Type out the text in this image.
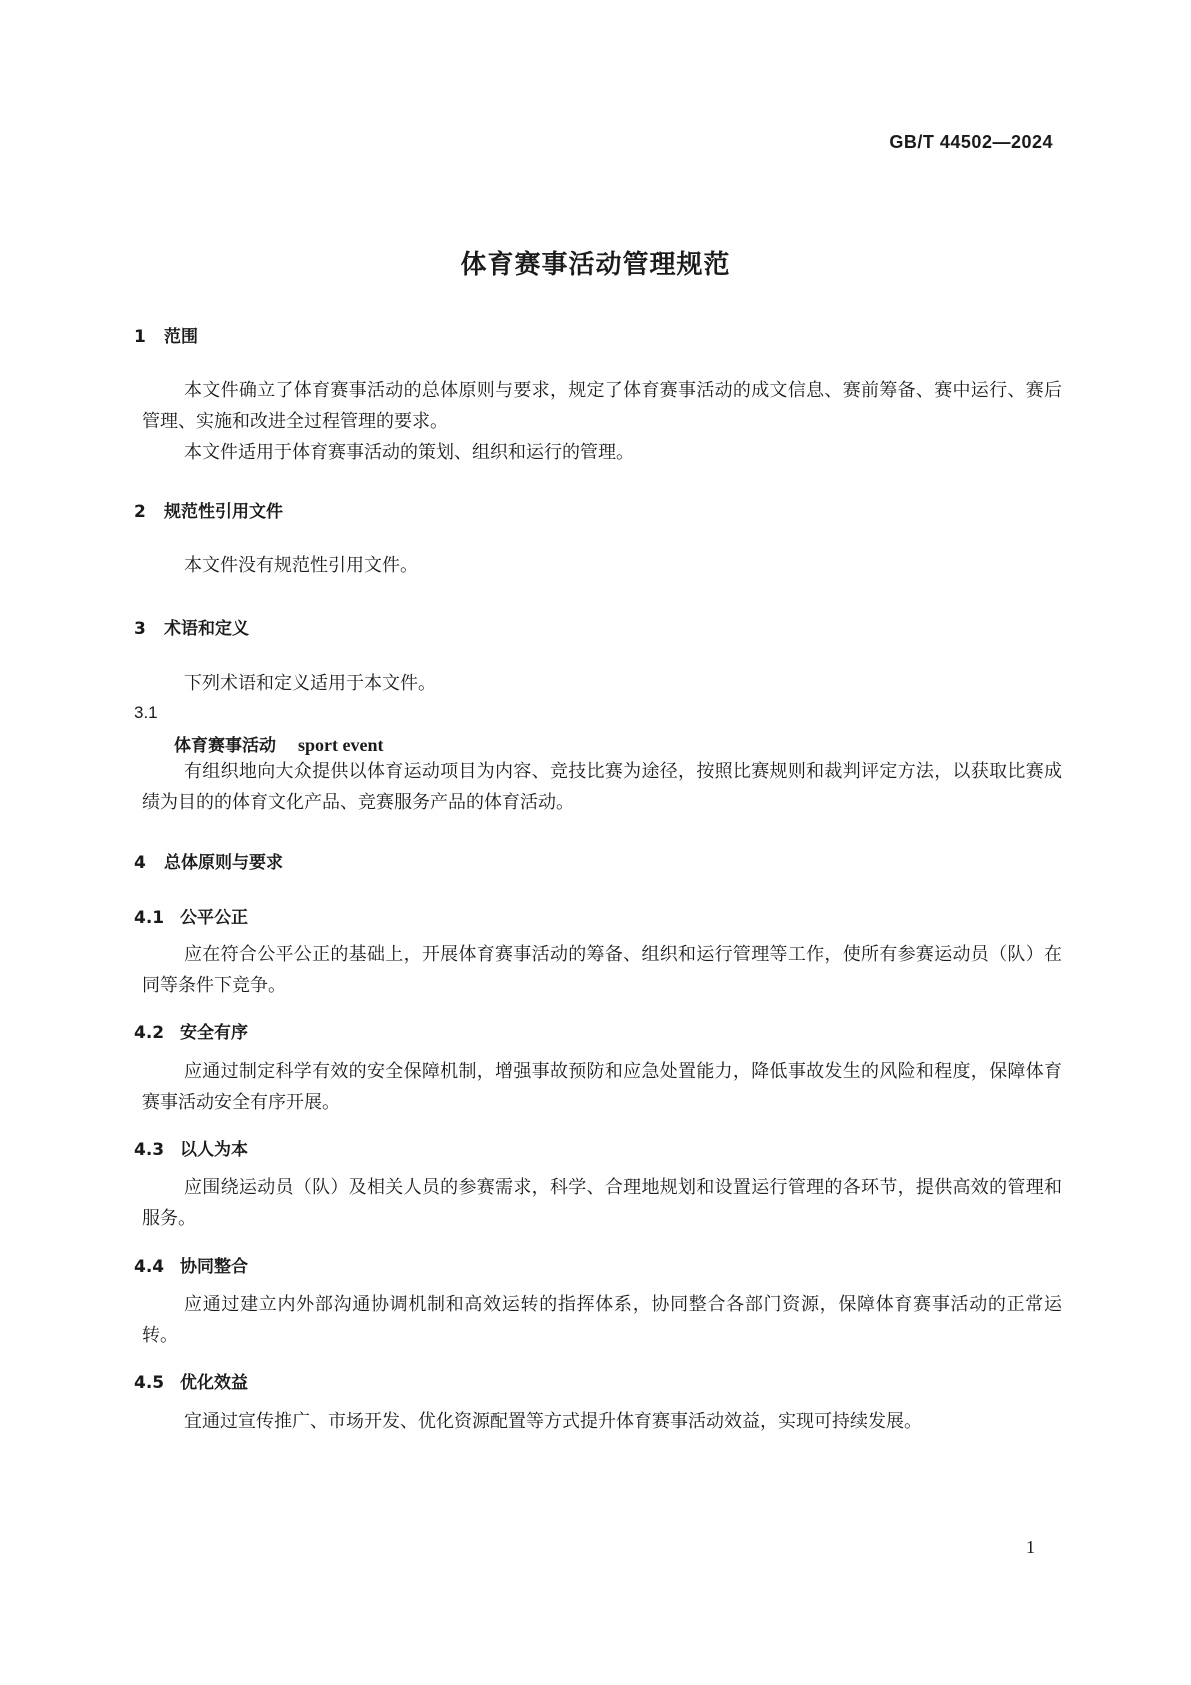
GB/T 44502—2024
体育赛事活动管理规范
1 范围

本文件确立了体育赛事活动的总体原则与要求，规定了体育赛事活动的成文信息、赛前筹备、赛中运行、赛后管理、实施和改进全过程管理的要求。

本文件适用于体育赛事活动的策划、组织和运行的管理。

2 规范性引用文件

本文件没有规范性引用文件。

3 术语和定义

下列术语和定义适用于本文件。

3.1
体育赛事活动 sport event

有组织地向大众提供以体育运动项目为内容、竞技比赛为途径，按照比赛规则和裁判评定方法，以获取比赛成绩为目的的体育文化产品、竞赛服务产品的体育活动。

4 总体原则与要求
4.1 公平公正

应在符合公平公正的基础上，开展体育赛事活动的筹备、组织和运行管理等工作，使所有参赛运动员（队）在同等条件下竞争。

4.2 安全有序

应通过制定科学有效的安全保障机制，增强事故预防和应急处置能力，降低事故发生的风险和程度，保障体育赛事活动安全有序开展。

4.3 以人为本

应围绕运动员（队）及相关人员的参赛需求，科学、合理地规划和设置运行管理的各环节，提供高效的管理和服务。

4.4 协同整合

应通过建立内外部沟通协调机制和高效运转的指挥体系，协同整合各部门资源，保障体育赛事活动的正常运转。

4.5 优化效益

宜通过宣传推广、市场开发、优化资源配置等方式提升体育赛事活动效益，实现可持续发展。

1
